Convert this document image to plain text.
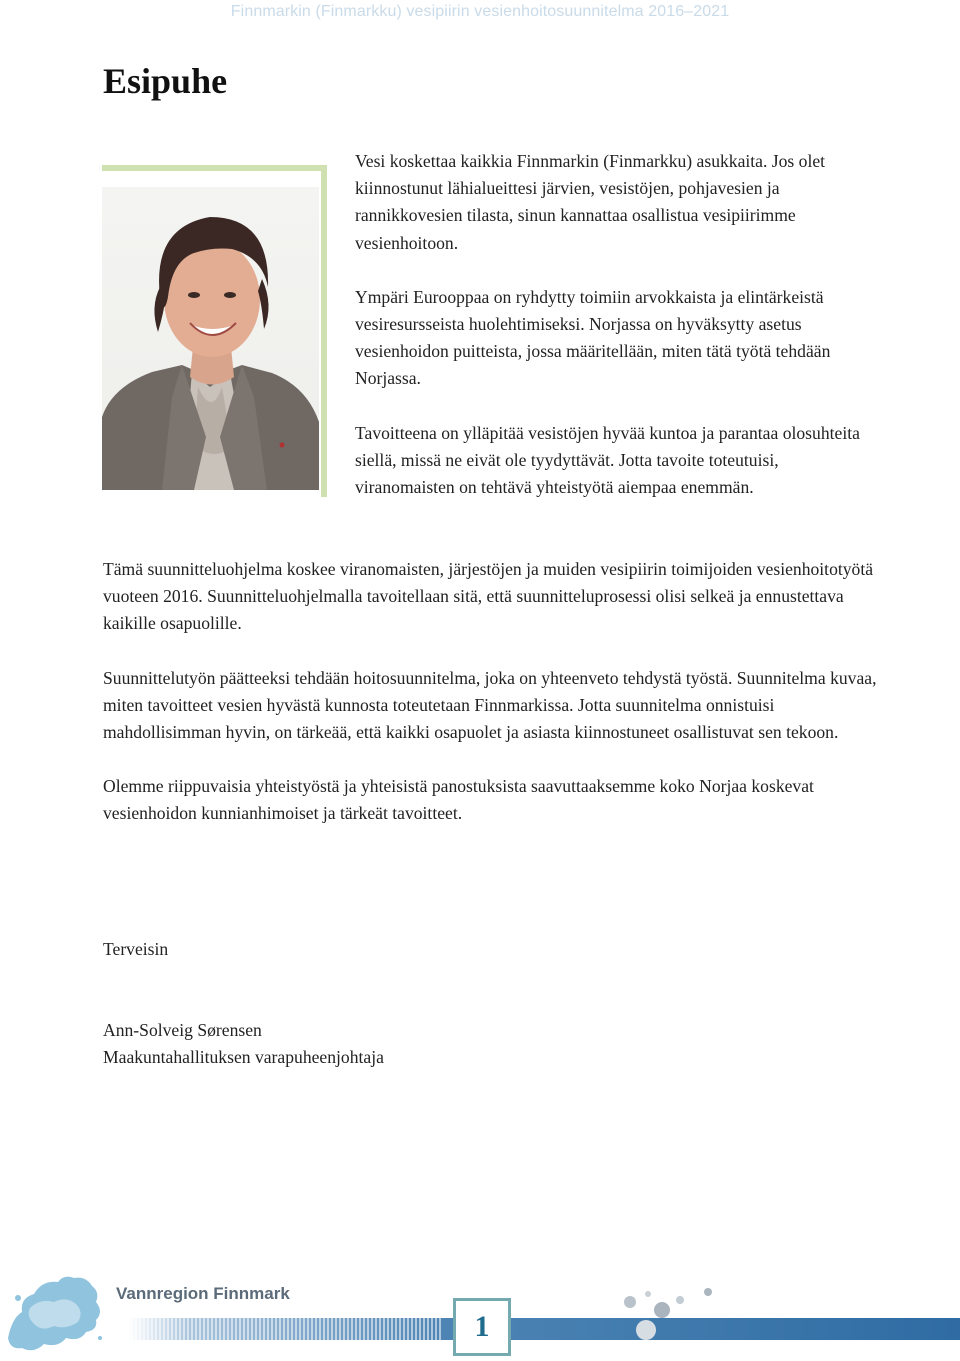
Finnmarkin (Finmarkku) vesipiirin vesienhoitosuunnitelma 2016–2021
Esipuhe

Vesi koskettaa kaikkia Finnmarkin (Finmarkku) asukkaita. Jos olet kiinnostunut lähialueittesi järvien, vesistöjen, pohjavesien ja rannikkovesien tilasta, sinun kannattaa osallistua vesipiirimme vesienhoitoon.

Ympäri Eurooppaa on ryhdytty toimiin arvokkaista ja elintärkeistä vesiresursseista huolehtimiseksi. Norjassa on hyväksytty asetus vesienhoidon puitteista, jossa määritellään, miten tätä työtä tehdään Norjassa.

Tavoitteena on ylläpitää vesistöjen hyvää kuntoa ja parantaa olosuhteita siellä, missä ne eivät ole tyydyttävät. Jotta tavoite toteutuisi, viranomaisten on tehtävä yhteistyötä aiempaa enemmän.

Tämä suunnitteluohjelma koskee viranomaisten, järjestöjen ja muiden vesipiirin toimijoiden vesienhoitotyötä vuoteen 2016. Suunnitteluohjelmalla tavoitellaan sitä, että suunnitteluprosessi olisi selkeä ja ennustettava kaikille osapuolille.

Suunnittelutyön päätteeksi tehdään hoitosuunnitelma, joka on yhteenveto tehdystä työstä. Suunnitelma kuvaa, miten tavoitteet vesien hyvästä kunnosta toteutetaan Finnmarkissa. Jotta suunnitelma onnistuisi mahdollisimman hyvin, on tärkeää, että kaikki osapuolet ja asiasta kiinnostuneet osallistuvat sen tekoon.

Olemme riippuvaisia yhteistyöstä ja yhteisistä panostuksista saavuttaaksemme koko Norjaa koskevat vesienhoidon kunnianhimoiset ja tärkeät tavoitteet.

Terveisin

Ann-Solveig Sørensen
Maakuntahallituksen varapuheenjohtaja
Vannregion Finnmark
1
